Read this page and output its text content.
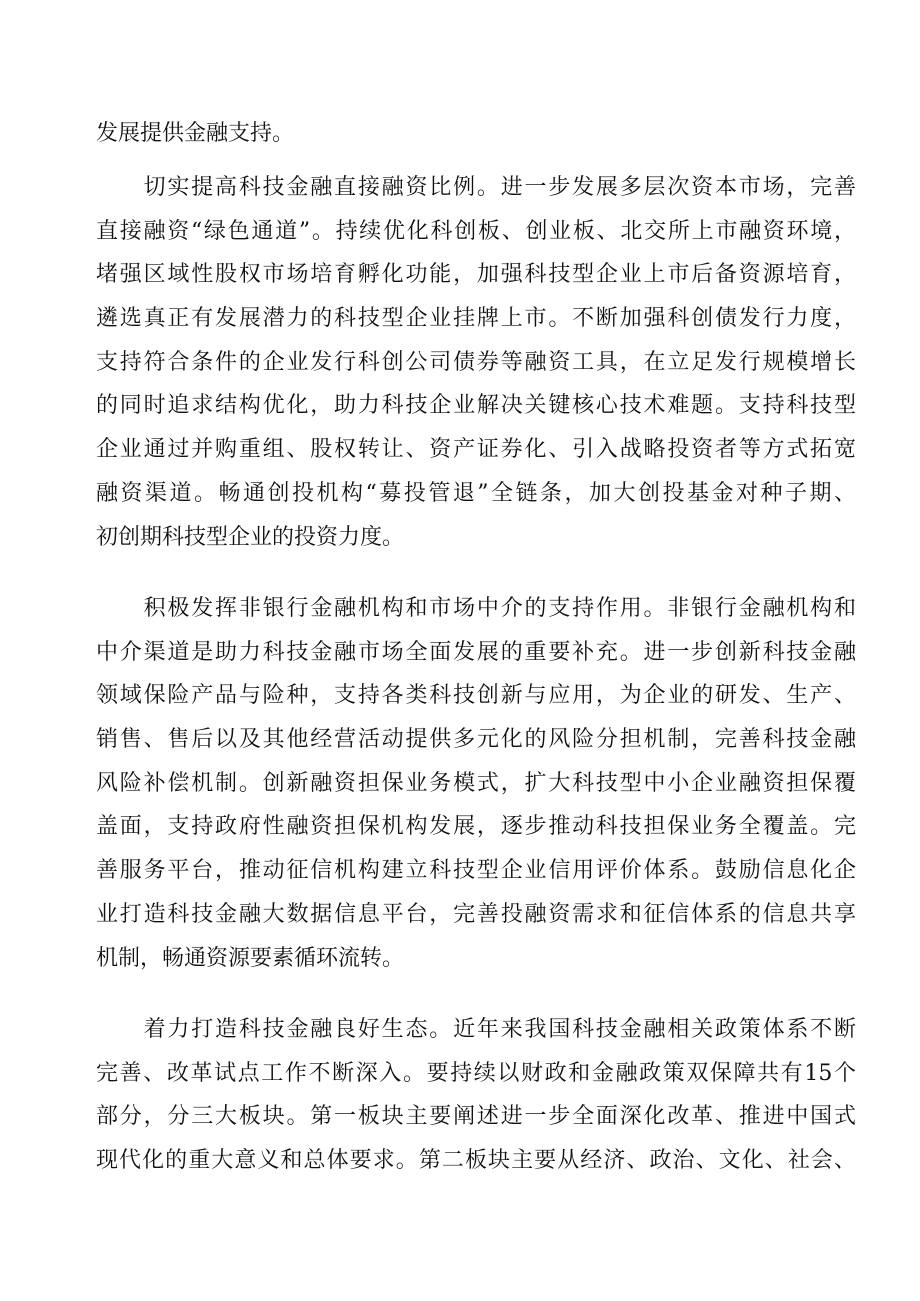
发展提供金融支持。
　　切实提高科技金融直接融资比例。进一步发展多层次资本市场，完善
直接融资“绿色通道”。持续优化科创板、创业板、北交所上市融资环境，
堵强区域性股权市场培育孵化功能，加强科技型企业上市后备资源培育，
遴选真正有发展潜力的科技型企业挂牌上市。不断加强科创债发行力度，
支持符合条件的企业发行科创公司债券等融资工具，在立足发行规模增长
的同时追求结构优化，助力科技企业解决关键核心技术难题。支持科技型
企业通过并购重组、股权转让、资产证券化、引入战略投资者等方式拓宽
融资渠道。畅通创投机构“募投管退”全链条，加大创投基金对种子期、
初创期科技型企业的投资力度。
　　积极发挥非银行金融机构和市场中介的支持作用。非银行金融机构和
中介渠道是助力科技金融市场全面发展的重要补充。进一步创新科技金融
领域保险产品与险种，支持各类科技创新与应用，为企业的研发、生产、
销售、售后以及其他经营活动提供多元化的风险分担机制，完善科技金融
风险补偿机制。创新融资担保业务模式，扩大科技型中小企业融资担保覆
盖面，支持政府性融资担保机构发展，逐步推动科技担保业务全覆盖。完
善服务平台，推动征信机构建立科技型企业信用评价体系。鼓励信息化企
业打造科技金融大数据信息平台，完善投融资需求和征信体系的信息共享
机制，畅通资源要素循环流转。
　　着力打造科技金融良好生态。近年来我国科技金融相关政策体系不断
完善、改革试点工作不断深入。要持续以财政和金融政策双保障共有15个
部分，分三大板块。第一板块主要阐述进一步全面深化改革、推进中国式
现代化的重大意义和总体要求。第二板块主要从经济、政治、文化、社会、
